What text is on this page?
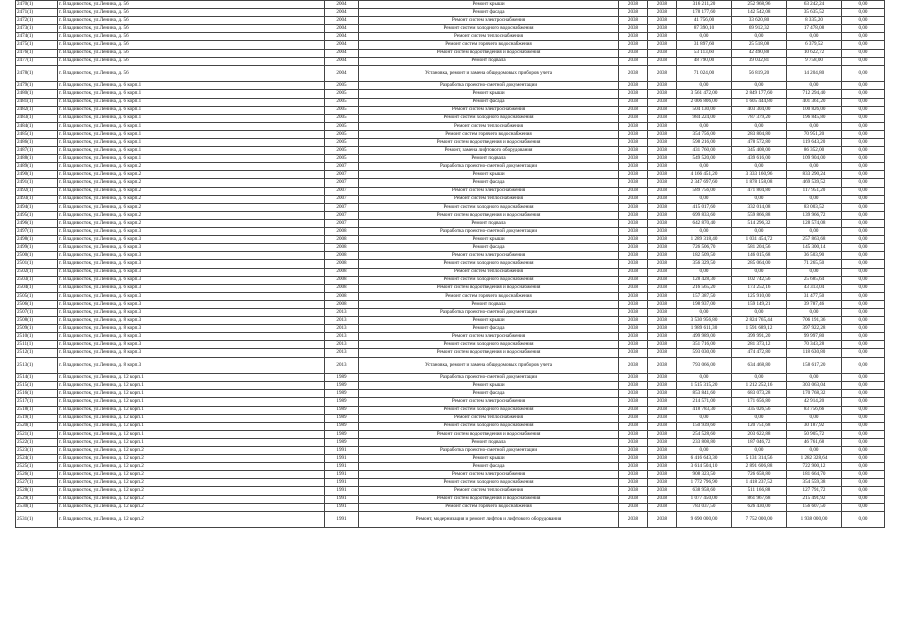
2470(1)	г. Владивосток, ул.Ленина, д. 56	2004	Ремонт крыши	2038	2038	316 211,20	252 968,96	63 242,24	0,00
2471(1)	г. Владивосток, ул.Ленина, д. 56	2004	Ремонт фасада	2038	2038	178 177,60	142 542,08	35 635,52	0,00
2472(1)	г. Владивосток, ул.Ленина, д. 56	2004	Ремонт систем электроснабжения	2038	2038	41 756,00	33 620,80	8 335,20	0,00
2473(1)	г. Владивосток, ул.Ленина, д. 56	2004	Ремонт систем холодного водоснабжения	2038	2038	87 390,10	69 912,32	17 478,08	0,00
2474(1)	г. Владивосток, ул.Ленина, д. 56	2004	Ремонт систем теплоснабжения	2038	2038	0,00	0,00	0,00	0,00
2475(1)	г. Владивосток, ул.Ленина, д. 56	2004	Ремонт систем горячего водоснабжения	2038	2038	31 897,60	25 518,08	6 379,52	0,00
2476(1)	г. Владивосток, ул.Ленина, д. 56	2004	Ремонт систем водоотведения и водоснабжения	2038	2038	53 113,60	42 490,88	10 622,72	0,00
2477(1)	г. Владивосток, ул.Ленина, д. 56	2004	Ремонт подвала	2038	2038	48 790,00	39 032,81	9 758,00	0,00
2478(1)	г. Владивосток, ул.Ленина, д. 56	2004	Установка, ремонт и замена общедомовых приборов учета	2038	2038	71 024,00	56 819,20	14 204,80	0,00
2479(1)	г. Владивосток, ул.Ленина, д. 6 корп.1	2005	Разработка проектно-сметной документации	2038	2038	0,00	0,00	0,00	0,00
2480(1)	г. Владивосток, ул.Ленина, д. 6 корп.1	2005	Ремонт крыши	2038	2038	3 561 472,00	2 849 177,60	712 294,40	0,00
2481(1)	г. Владивосток, ул.Ленина, д. 6 корп.1	2005	Ремонт фасада	2038	2038	2 006 806,00	1 605 444,80	401 361,20	0,00
2482(1)	г. Владивосток, ул.Ленина, д. 6 корп.1	2005	Ремонт систем электроснабжения	2038	2038	504 130,00	403 304,00	100 826,00	0,00
2483(1)	г. Владивосток, ул.Ленина, д. 6 корп.1	2005	Ремонт систем холодного водоснабжения	2038	2038	984 224,00	787 379,20	196 845,80	0,00
2484(1)	г. Владивосток, ул.Ленина, д. 6 корп.1	2005	Ремонт систем теплоснабжения	2038	2038	0,00	0,00	0,00	0,00
2485(1)	г. Владивосток, ул.Ленина, д. 6 корп.1	2005	Ремонт систем горячего водоснабжения	2038	2038	354 756,00	283 804,80	70 951,20	0,00
2486(1)	г. Владивосток, ул.Ленина, д. 6 корп.1	2005	Ремонт систем водоотведения и водоснабжения	2038	2038	598 216,00	478 572,80	119 643,20	0,00
2487(1)	г. Владивосток, ул.Ленина, д. 6 корп.1	2005	Ремонт, замена лифтового оборудования	2038	2038	431 760,00	345 408,00	86 352,00	0,00
2488(1)	г. Владивосток, ул.Ленина, д. 6 корп.1	2005	Ремонт подвала	2038	2038	549 520,00	439 616,00	109 904,00	0,00
2489(1)	г. Владивосток, ул.Ленина, д. 6 корп.2	2007	Разработка проектно-сметной документации	2038	2038	0,00	0,00	0,00	0,00
2490(1)	г. Владивосток, ул.Ленина, д. 6 корп.2	2007	Ремонт крыши	2038	2038	4 166 451,20	3 333 160,96	833 290,24	0,00
2491(1)	г. Владивосток, ул.Ленина, д. 6 корп.2	2007	Ремонт фасада	2038	2038	2 347 697,60	1 878 158,08	469 539,52	0,00
2492(1)	г. Владивосток, ул.Ленина, д. 6 корп.2	2007	Ремонт систем электроснабжения	2038	2038	589 756,00	471 804,80	117 951,20	0,00
2493(1)	г. Владивосток, ул.Ленина, д. 6 корп.2	2007	Ремонт систем теплоснабжения	2038	2038	0,00	0,00	0,00	0,00
2494(1)	г. Владивосток, ул.Ленина, д. 6 корп.2	2007	Ремонт систем холодного водоснабжения	2038	2038	415 017,60	332 014,08	83 003,52	0,00
2495(1)	г. Владивосток, ул.Ленина, д. 6 корп.2	2007	Ремонт систем водоотведения и водоснабжения	2038	2038	699 833,60	559 866,88	139 966,72	0,00
2496(1)	г. Владивосток, ул.Ленина, д. 6 корп.2	2007	Ремонт подвала	2038	2038	642 870,40	514 296,32	128 574,08	0,00
2497(1)	г. Владивосток, ул.Ленина, д. 6 корп.3	2008	Разработка проектно-сметной документации	2038	2038	0,00	0,00	0,00	0,00
2498(1)	г. Владивосток, ул.Ленина, д. 6 корп.3	2008	Ремонт крыши	2038	2038	1 289 318,40	1 031 454,72	257 863,68	0,00
2499(1)	г. Владивосток, ул.Ленина, д. 6 корп.3	2008	Ремонт фасада	2038	2038	726 506,70	581 204,56	145 300,14	0,00
2500(1)	г. Владивосток, ул.Ленина, д. 6 корп.3	2008	Ремонт систем электроснабжения	2038	2038	182 509,50	146 015,68	36 503,90	0,00
2501(1)	г. Владивосток, ул.Ленина, д. 6 корп.3	2008	Ремонт систем холодного водоснабжения	2038	2038	356 329,50	285 064,00	71 265,50	0,00
2502(1)	г. Владивосток, ул.Ленина, д. 6 корп.3	2008	Ремонт систем теплоснабжения	2038	2038	0,00	0,00	0,00	0,00
2503(1)	г. Владивосток, ул.Ленина, д. 6 корп.3	2008	Ремонт систем холодного водоснабжения	2038	2038	128 428,30	102 742,56	25 685,64	0,00
2504(1)	г. Владивосток, ул.Ленина, д. 6 корп.3	2008	Ремонт систем водоотведения и водоснабжения	2038	2038	216 565,20	173 252,16	43 313,04	0,00
2505(1)	г. Владивосток, ул.Ленина, д. 6 корп.3	2008	Ремонт систем горячего водоснабжения	2038	2038	157 387,50	125 910,00	31 477,50	0,00
2506(1)	г. Владивосток, ул.Ленина, д. 6 корп.3	2008	Ремонт подвала	2038	2038	198 937,00	159 149,21	39 787,46	0,00
2507(1)	г. Владивосток, ул.Ленина, д. 8 корп.3	2013	Разработка проектно-сметной документации	2038	2038	0,00	0,00	0,00	0,00
2508(1)	г. Владивосток, ул.Ленина, д. 8 корп.3	2013	Ремонт крыши	2038	2038	3 530 956,80	2 824 765,44	706 191,36	0,00
2509(1)	г. Владивосток, ул.Ленина, д. 8 корп.3	2013	Ремонт фасада	2038	2038	1 989 611,30	1 591 689,12	397 922,28	0,00
2510(1)	г. Владивосток, ул.Ленина, д. 8 корп.3	2013	Ремонт систем электроснабжения	2038	2038	499 989,00	399 991,20	99 997,80	0,00
2511(1)	г. Владивосток, ул.Ленина, д. 8 корп.3	2013	Ремонт систем холодного водоснабжения	2038	2038	351 716,00	281 373,12	70 343,28	0,00
2512(1)	г. Владивосток, ул.Ленина, д. 8 корп.3	2013	Ремонт систем водоотведения и водоснабжения	2038	2038	593 030,00	474 472,80	118 630,80	0,00
2513(1)	г. Владивосток, ул.Ленина, д. 8 корп.3	2013	Установка, ремонт и замена общедомовых приборов учета	2038	2038	793 066,00	634 468,80	158 617,20	0,00
2514(1)	г. Владивосток, ул.Ленина, д. 12 корп.1	1989	Разработка проектно-сметной документации	2038	2038	0,00	0,00	0,00	0,00
2515(1)	г. Владивосток, ул.Ленина, д. 12 корп.1	1989	Ремонт крыши	2038	2038	1 515 315,20	1 212 252,16	303 063,04	0,00
2516(1)	г. Владивосток, ул.Ленина, д. 12 корп.1	1989	Ремонт фасада	2038	2038	853 841,60	683 073,28	170 768,32	0,00
2517(1)	г. Владивосток, ул.Ленина, д. 12 корп.1	1989	Ремонт систем электроснабжения	2038	2038	214 571,00	171 656,80	42 914,20	0,00
2518(1)	г. Владивосток, ул.Ленина, д. 12 корп.1	1989	Ремонт систем холодного водоснабжения	2038	2038	418 783,30	335 026,56	83 756,66	0,00
2519(1)	г. Владивосток, ул.Ленина, д. 12 корп.1	1989	Ремонт систем теплоснабжения	2038	2038	0,00	0,00	0,00	0,00
2520(1)	г. Владивосток, ул.Ленина, д. 12 корп.1	1989	Ремонт систем холодного водоснабжения	2038	2038	150 939,60	120 751,68	30 187,92	0,00
2521(1)	г. Владивосток, ул.Ленина, д. 12 корп.1	1989	Ремонт систем водоотведения и водоснабжения	2038	2038	254 528,60	203 622,88	50 905,72	0,00
2522(1)	г. Владивосток, ул.Ленина, д. 12 корп.1	1989	Ремонт подвала	2038	2038	233 808,80	187 046,72	46 761,68	0,00
2523(1)	г. Владивосток, ул.Ленина, д. 12 корп.2	1991	Разработка проектно-сметной документации	2038	2038	0,00	0,00	0,00	0,00
2524(1)	г. Владивосток, ул.Ленина, д. 12 корп.2	1991	Ремонт крыши	2038	2038	6 416 643,30	5 131 314,56	1 282 328,64	0,00
2525(1)	г. Владивосток, ул.Ленина, д. 12 корп.2	1991	Ремонт фасада	2038	2038	3 614 504,10	2 891 606,88	722 900,12	0,00
2526(1)	г. Владивосток, ул.Ленина, д. 12 корп.2	1991	Ремонт систем электроснабжения	2038	2038	908 323,50	726 658,80	181 664,70	0,00
2527(1)	г. Владивосток, ул.Ленина, д. 12 корп.2	1991	Ремонт систем холодного водоснабжения	2038	2038	1 772 796,90	1 418 237,52	354 559,38	0,00
2528(1)	г. Владивосток, ул.Ленина, д. 12 корп.2	1991	Ремонт систем теплоснабжения	2038	2038	638 958,60	511 166,88	127 791,72	0,00
2529(1)	г. Владивосток, ул.Ленина, д. 12 корп.2	1991	Ремонт систем водоотведения и водоснабжения	2038	2038	1 077 450,00	861 967,68	215 491,92	0,00
2530(1)	г. Владивосток, ул.Ленина, д. 12 корп.2	1991	Ремонт систем горячего водоснабжения	2038	2038	783 037,50	626 430,00	156 607,50	0,00
2531(1)	г. Владивосток, ул.Ленина, д. 12 корп.2	1991	Ремонт, модернизация и ремонт лифтов и лифтового оборудования	2038	2038	9 690 000,00	7 752 000,00	1 938 000,00	0,00
